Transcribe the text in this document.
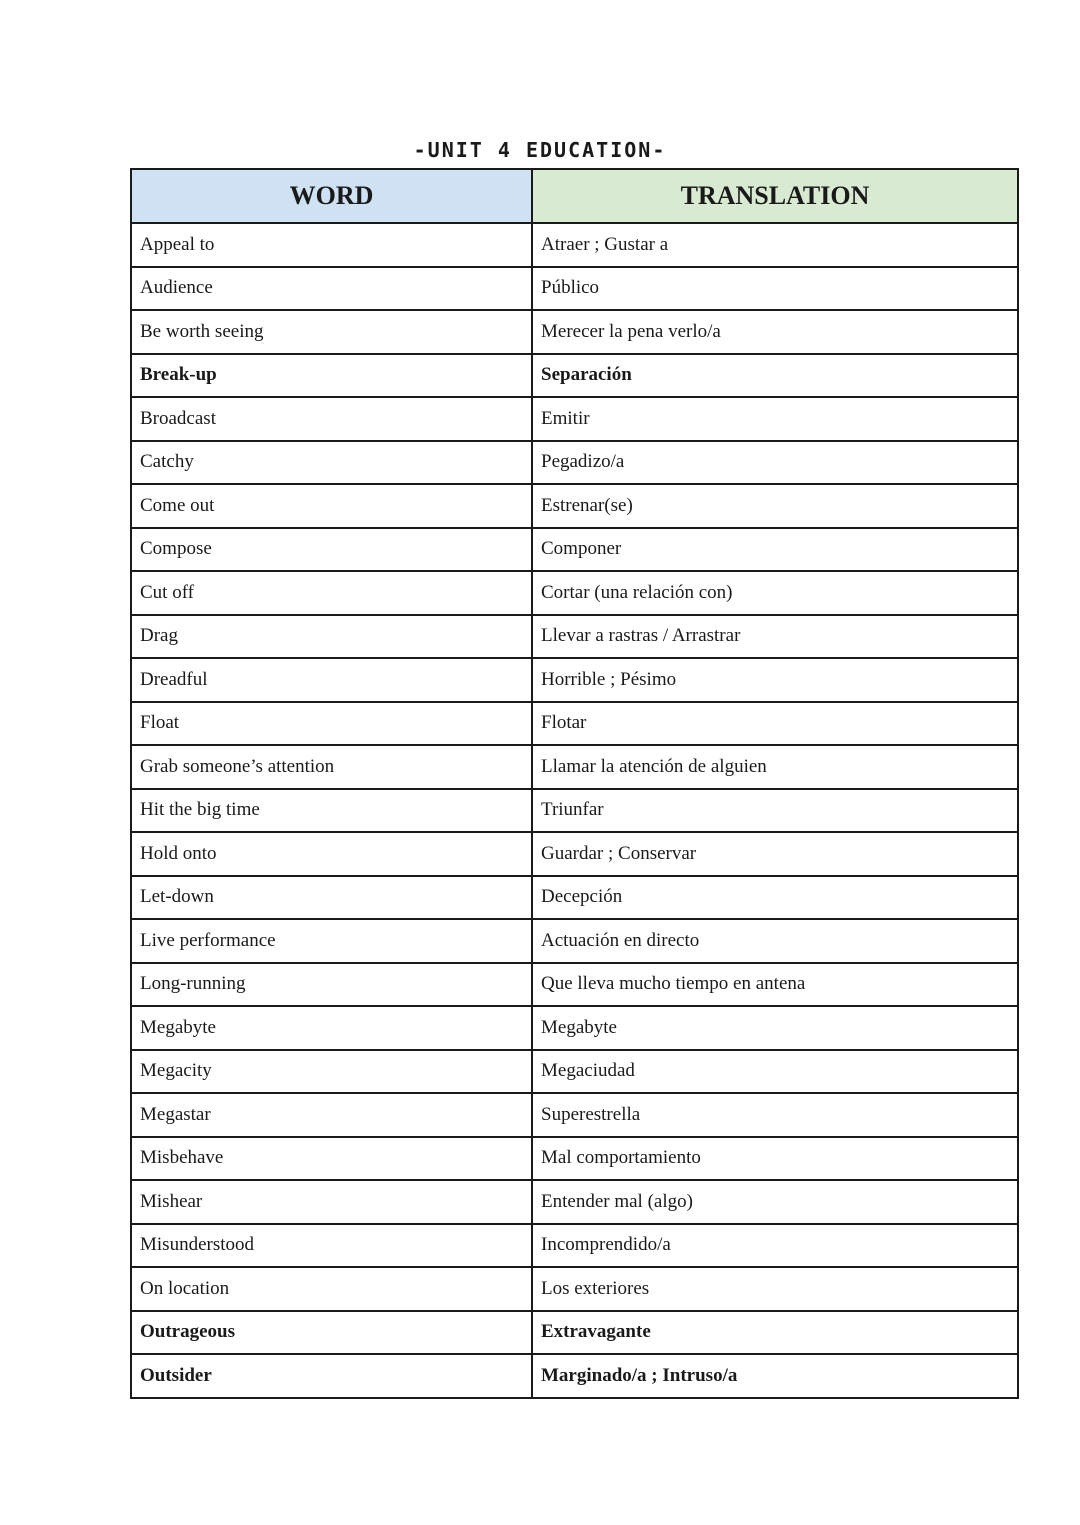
-UNIT 4 EDUCATION-
WORD	TRANSLATION
Appeal to	Atraer ; Gustar a
Audience	Público
Be worth seeing	Merecer la pena verlo/a
Break-up	Separación
Broadcast	Emitir
Catchy	Pegadizo/a
Come out	Estrenar(se)
Compose	Componer
Cut off	Cortar (una relación con)
Drag	Llevar a rastras / Arrastrar
Dreadful	Horrible ; Pésimo
Float	Flotar
Grab someone’s attention	Llamar la atención de alguien
Hit the big time	Triunfar
Hold onto	Guardar ; Conservar
Let-down	Decepción
Live performance	Actuación en directo
Long-running	Que lleva mucho tiempo en antena
Megabyte	Megabyte
Megacity	Megaciudad
Megastar	Superestrella
Misbehave	Mal comportamiento
Mishear	Entender mal (algo)
Misunderstood	Incomprendido/a
On location	Los exteriores
Outrageous	Extravagante
Outsider	Marginado/a ; Intruso/a
